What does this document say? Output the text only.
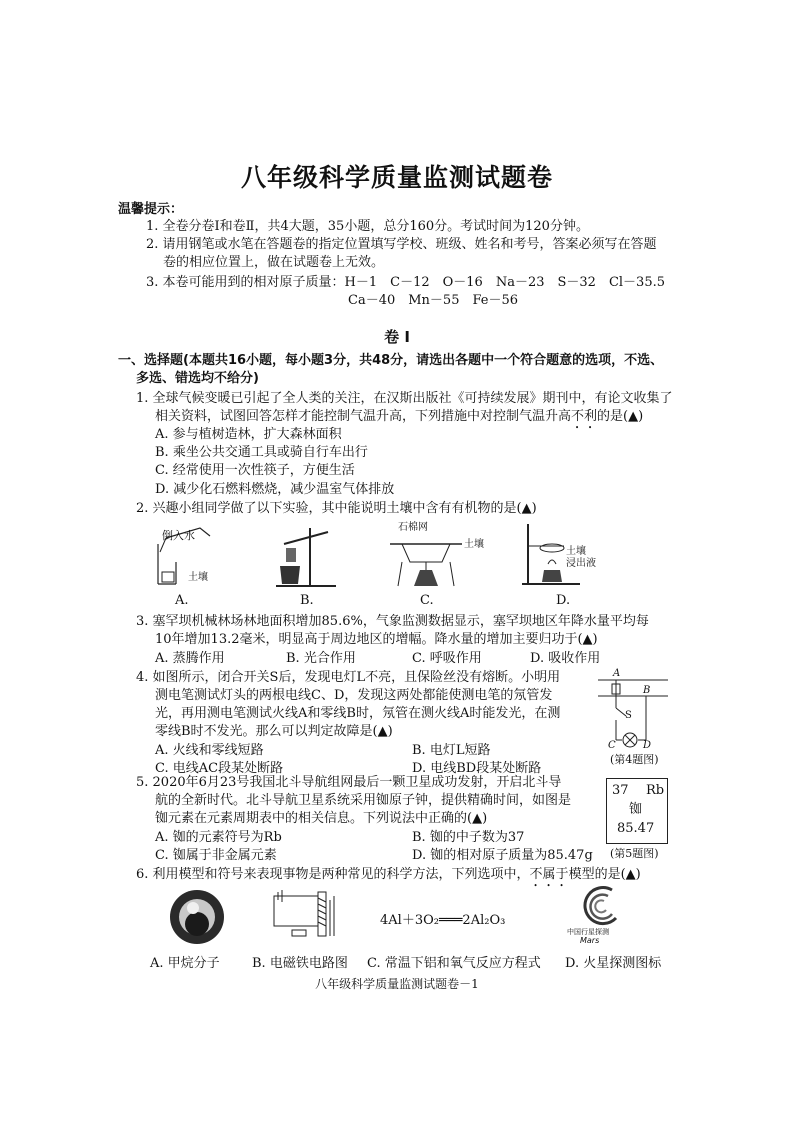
八年级科学质量监测试题卷
温馨提示：
1. 全卷分卷Ⅰ和卷Ⅱ，共4大题，35小题，总分160分。考试时间为120分钟。
2. 请用钢笔或水笔在答题卷的指定位置填写学校、班级、姓名和考号，答案必须写在答题
卷的相应位置上，做在试题卷上无效。
3. 本卷可能用到的相对原子质量：H－1　C－12　O－16　Na－23　S－32　Cl－35.5
Ca－40　Mn－55　Fe－56
卷 Ⅰ
一、选择题(本题共16小题，每小题3分，共48分，请选出各题中一个符合题意的选项，不选、
多选、错选均不给分)
1. 全球气候变暖已引起了全人类的关注，在汉斯出版社《可持续发展》期刊中，有论文收集了
相关资料，试图回答怎样才能控制气温升高，下列措施中对控制气温升高不利的是(▲)
A. 参与植树造林，扩大森林面积
B. 乘坐公共交通工具或骑自行车出行
C. 经常使用一次性筷子，方便生活
D. 减少化石燃料燃烧，减少温室气体排放
2. 兴趣小组同学做了以下实验，其中能说明土壤中含有有机物的是(▲)
倒入水
土壤
石棉网
土壤
土壤
浸出液
A.	B.	C.	D.
3. 塞罕坝机械林场林地面积增加85.6%，气象监测数据显示，塞罕坝地区年降水量平均每
10年增加13.2毫米，明显高于周边地区的增幅。降水量的增加主要归功于(▲)
A. 蒸腾作用	B. 光合作用	C. 呼吸作用	D. 吸收作用
4. 如图所示，闭合开关S后，发现电灯L不亮，且保险丝没有熔断。小明用
测电笔测试灯头的两根电线C、D，发现这两处都能使测电笔的氖管发
光，再用测电笔测试火线A和零线B时，氖管在测火线A时能发光，在测
零线B时不发光。那么可以判定故障是(▲)
A. 火线和零线短路	B. 电灯L短路
C. 电线AC段某处断路	D. 电线BD段某处断路
A
B
S
C	D
(第4题图)
5. 2020年6月23号我国北斗导航组网最后一颗卫星成功发射，开启北斗导
航的全新时代。北斗导航卫星系统采用铷原子钟，提供精确时间，如图是
铷元素在元素周期表中的相关信息。下列说法中正确的(▲)
A. 铷的元素符号为Rb	B. 铷的中子数为37
C. 铷属于非金属元素	D. 铷的相对原子质量为85.47g
37 Rb
铷
85.47
(第5题图)
6. 利用模型和符号来表现事物是两种常见的科学方法，下列选项中，不属于模型的是(▲)
4Al＋3O₂═══2Al₂O₃
中国行星探测
Mars
A. 甲烷分子 B. 电磁铁电路图 C. 常温下铝和氧气反应方程式 D. 火星探测图标
八年级科学质量监测试题卷－1
